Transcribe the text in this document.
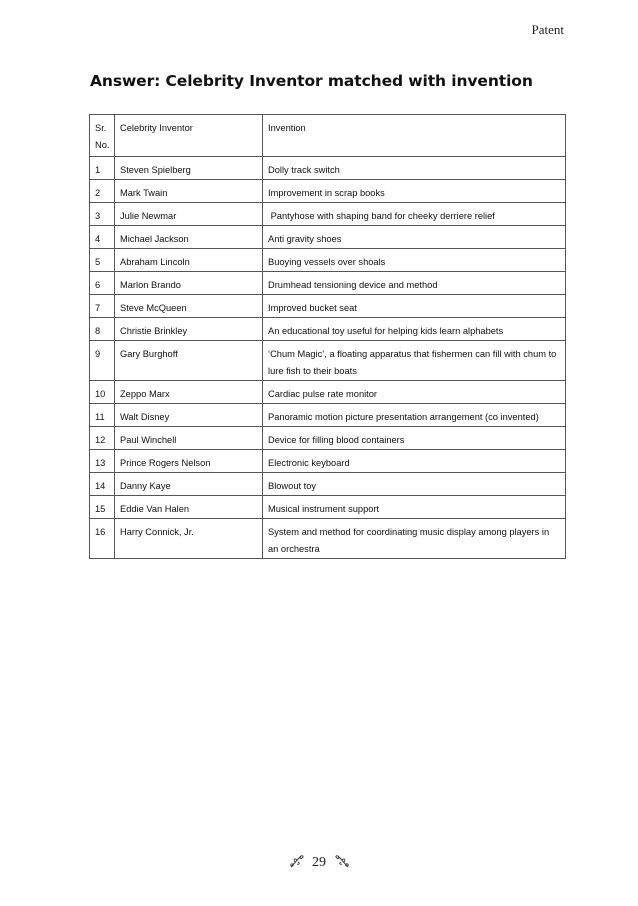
Patent
Answer: Celebrity Inventor matched with invention
Sr.
No.	Celebrity Inventor	Invention
1	Steven Spielberg	Dolly track switch
2	Mark Twain	Improvement in scrap books
3	Julie Newmar	Pantyhose with shaping band for cheeky derriere relief
4	Michael Jackson	Anti gravity shoes
5	Abraham Lincoln	Buoying vessels over shoals
6	Marlon Brando	Drumhead tensioning device and method
7	Steve McQueen	Improved bucket seat
8	Christie Brinkley	An educational toy useful for helping kids learn alphabets
9	Gary Burghoff	‘Chum Magic’, a floating apparatus that fishermen can fill with chum to lure fish to their boats
10	Zeppo Marx	Cardiac pulse rate monitor
11	Walt Disney	Panoramic motion picture presentation arrangement (co invented)
12	Paul Winchell	Device for filling blood containers
13	Prince Rogers Nelson	Electronic keyboard
14	Danny Kaye	Blowout toy
15	Eddie Van Halen	Musical instrument support
16	Harry Connick, Jr.	System and method for coordinating music display among players in an orchestra
29
